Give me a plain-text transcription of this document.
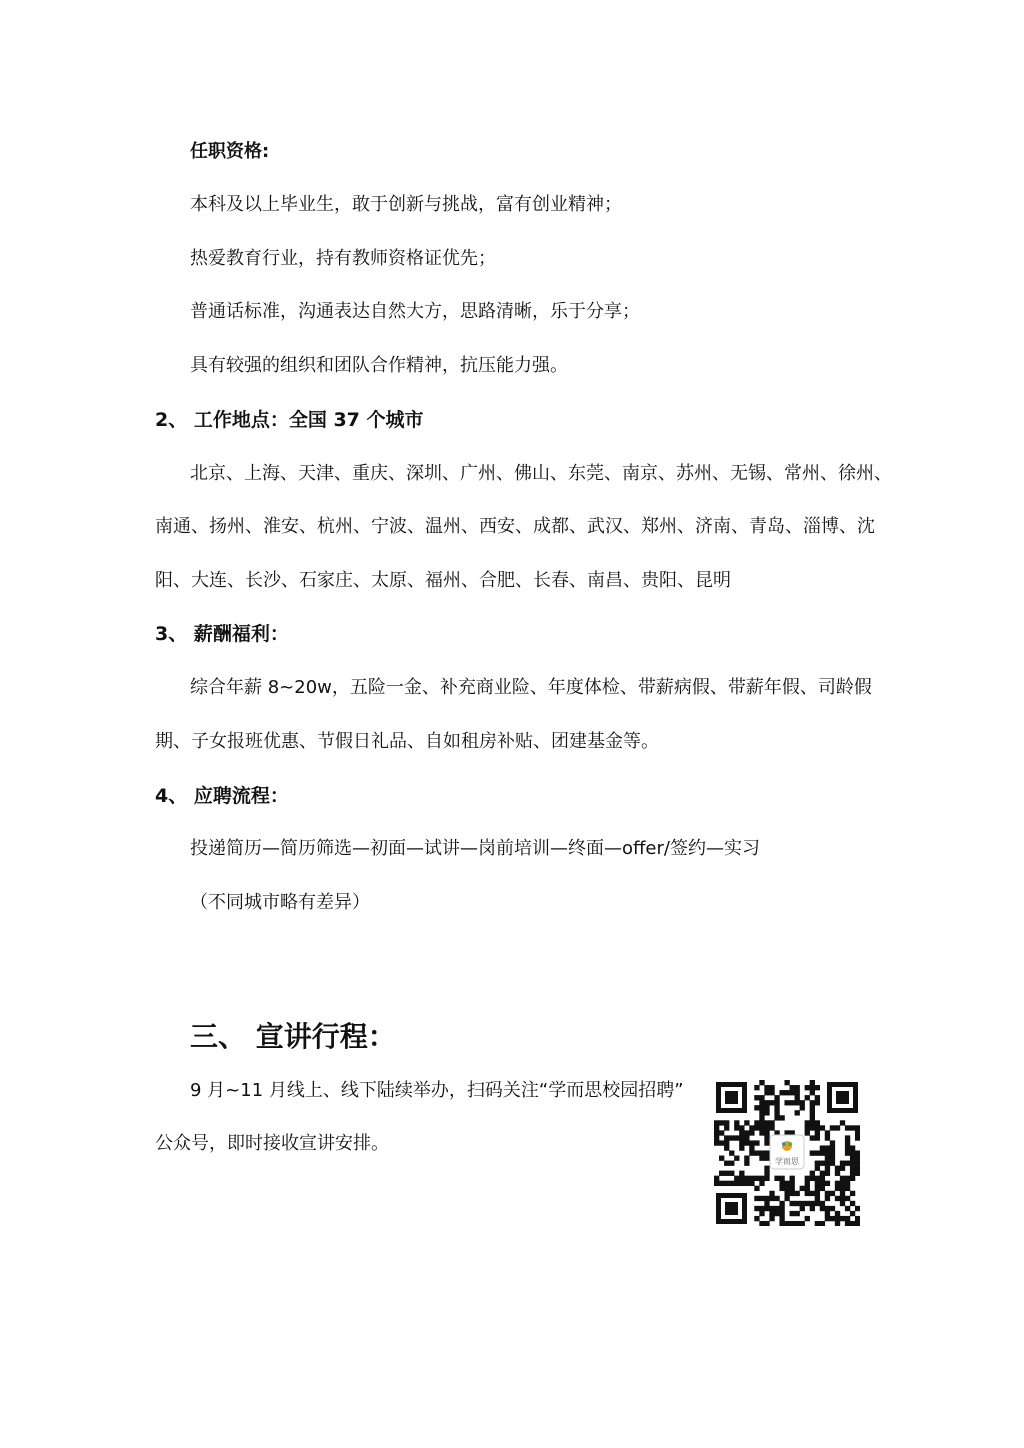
任职资格:
本科及以上毕业生，敢于创新与挑战，富有创业精神；
热爱教育行业，持有教师资格证优先；
普通话标准，沟通表达自然大方，思路清晰，乐于分享；
具有较强的组织和团队合作精神，抗压能力强。
2、 工作地点：全国 37 个城市
北京、上海、天津、重庆、深圳、广州、佛山、东莞、南京、苏州、无锡、常州、徐州、
南通、扬州、淮安、杭州、宁波、温州、西安、成都、武汉、郑州、济南、青岛、淄博、沈
阳、大连、长沙、石家庄、太原、福州、合肥、长春、南昌、贵阳、昆明
3、 薪酬福利：
综合年薪 8~20w，五险一金、补充商业险、年度体检、带薪病假、带薪年假、司龄假
期、子女报班优惠、节假日礼品、自如租房补贴、团建基金等。
4、 应聘流程：
投递简历—简历筛选—初面—试讲—岗前培训—终面—offer/签约—实习
（不同城市略有差异）
三、 宣讲行程：
9 月~11 月线上、线下陆续举办，扫码关注“学而思校园招聘”
公众号，即时接收宣讲安排。
学而思
